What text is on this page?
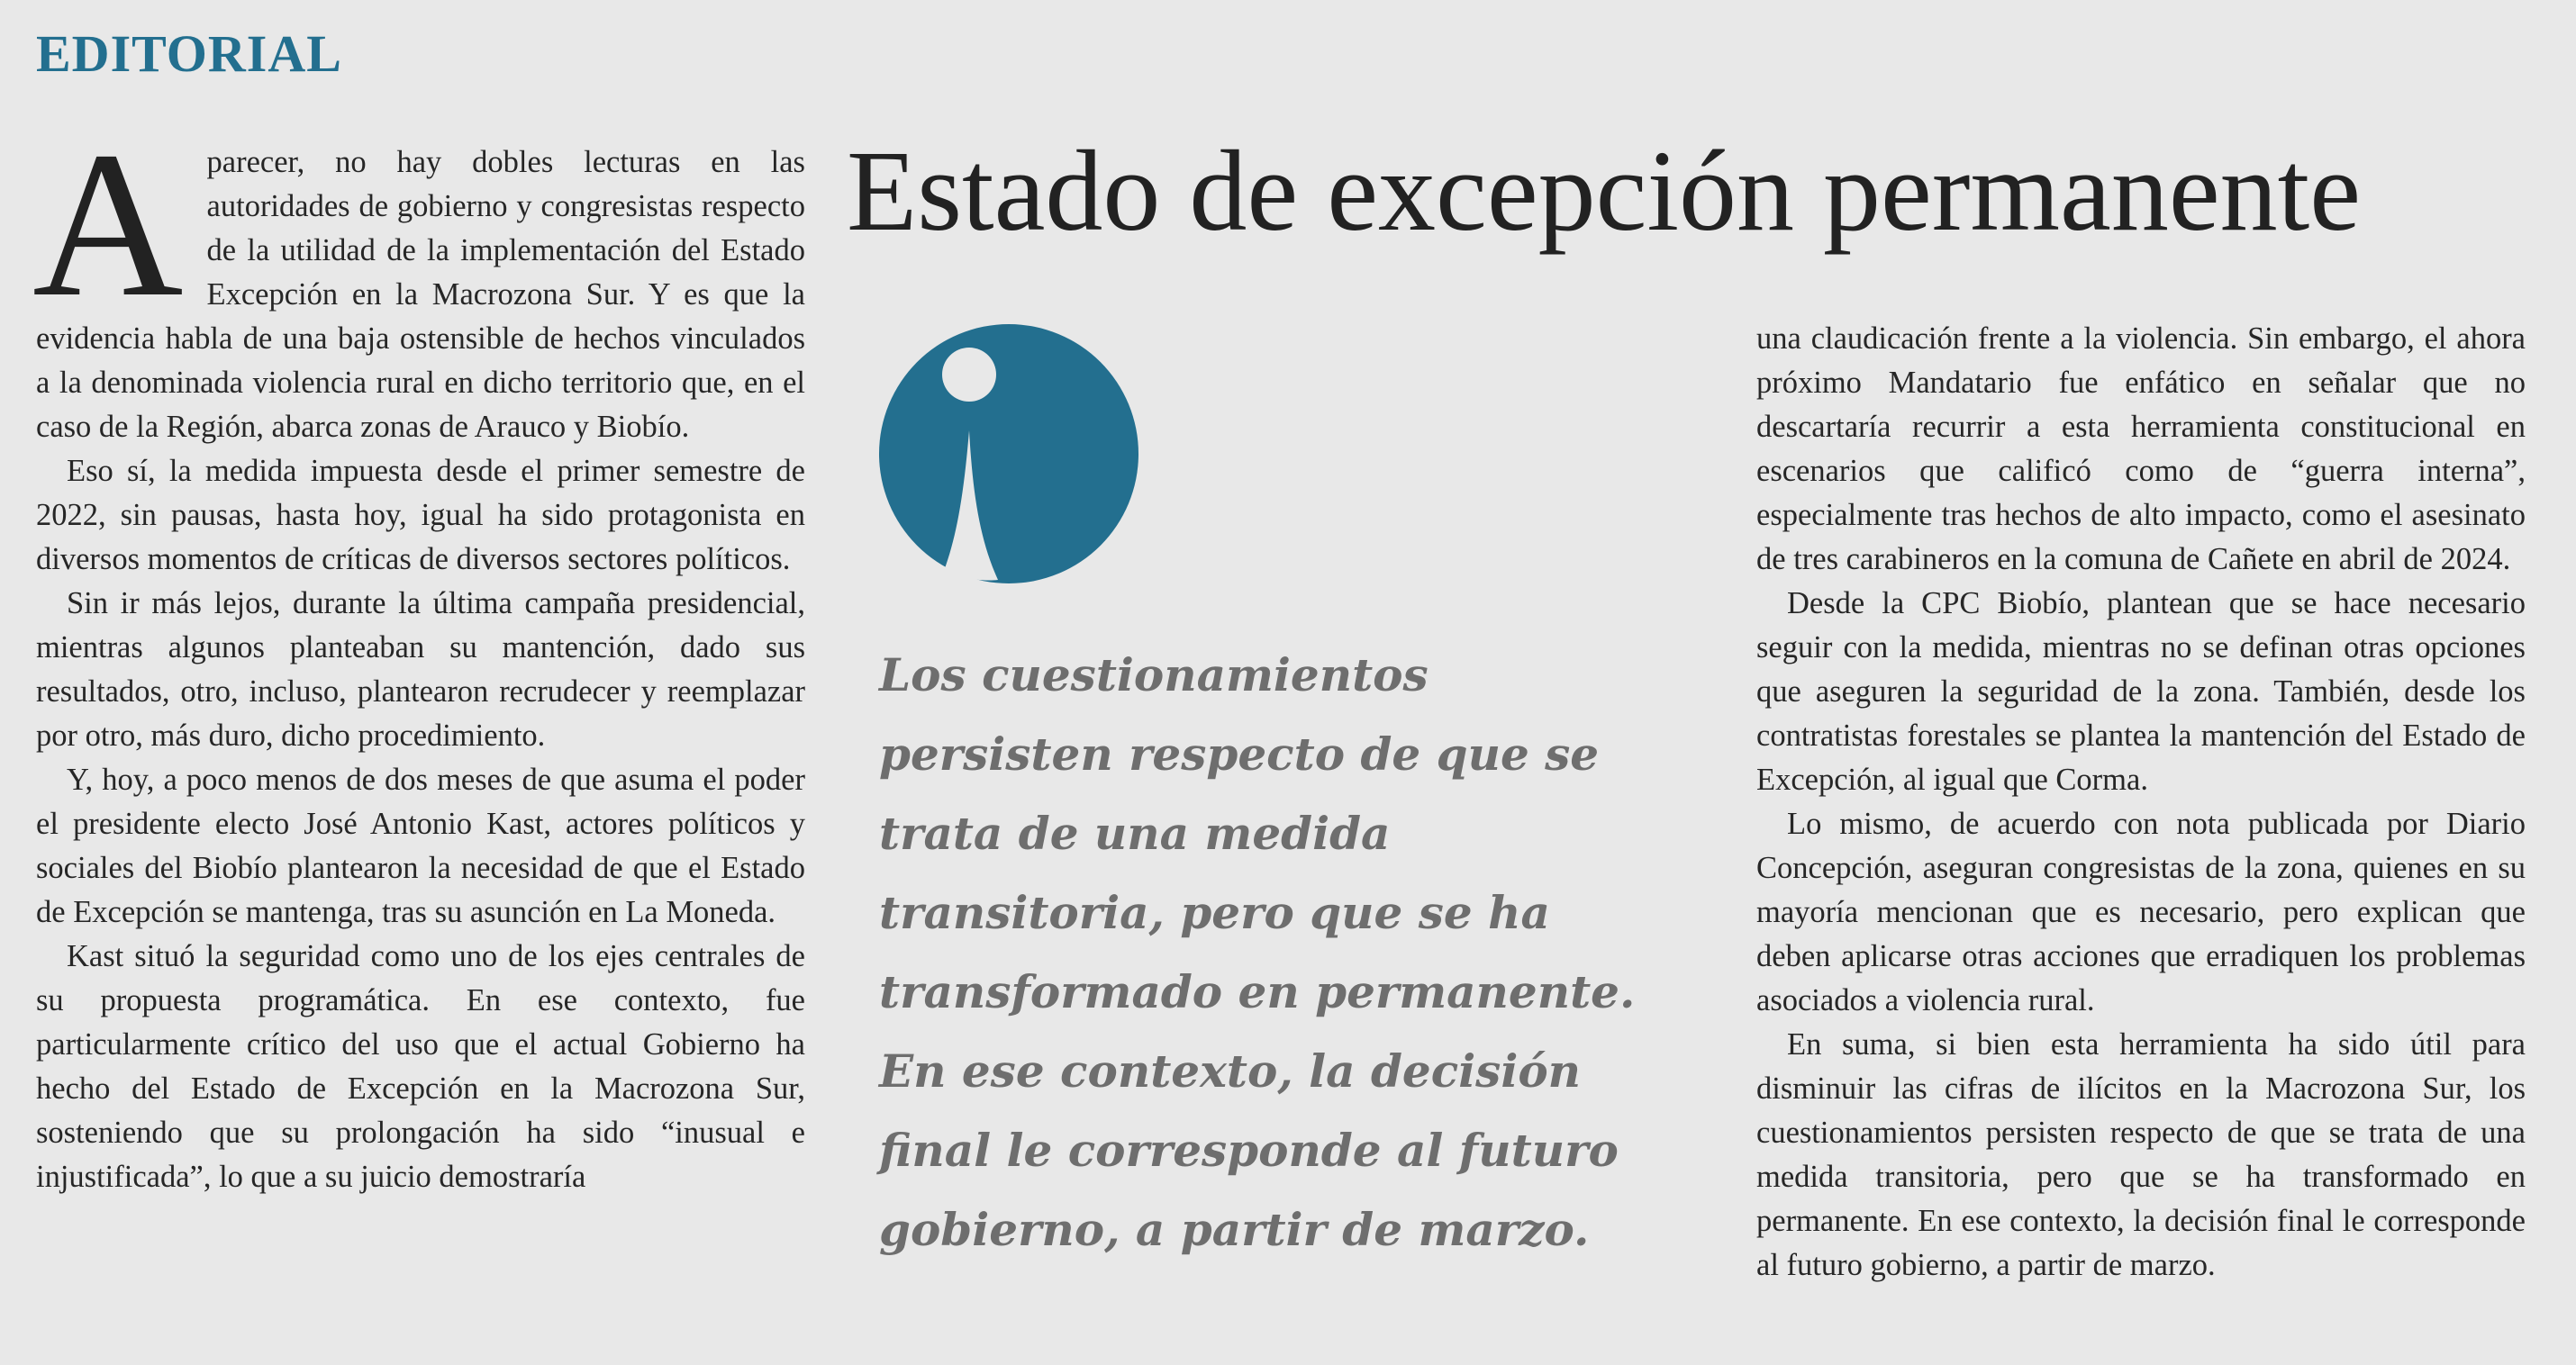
EDITORIAL
Estado de excepción permanente

Aparecer, no hay dobles lecturas en las autoridades de gobierno y congresistas respecto de la utilidad de la implementación del Estado Excepción en la Macrozona Sur. Y es que la evidencia habla de una baja ostensible de hechos vinculados a la denominada violencia rural en dicho territorio que, en el caso de la Región, abarca zonas de Arauco y Biobío.

Eso sí, la medida impuesta desde el primer semestre de 2022, sin pausas, hasta hoy, igual ha sido protagonista en diversos momentos de críticas de diversos sectores políticos.

Sin ir más lejos, durante la última campaña presidencial, mientras algunos planteaban su mantención, dado sus resultados, otro, incluso, plantearon recrudecer y reemplazar por otro, más duro, dicho procedimiento.

Y, hoy, a poco menos de dos meses de que asuma el poder el presidente electo José Antonio Kast, actores políticos y sociales del Biobío plantearon la necesidad de que el Estado de Excepción se mantenga, tras su asunción en La Moneda.

Kast situó la seguridad como uno de los ejes centrales de su propuesta programática. En ese contexto, fue particularmente crítico del uso que el actual Gobierno ha hecho del Estado de Excepción en la Macrozona Sur, sosteniendo que su prolongación ha sido “inusual e injustificada”, lo que a su juicio demostraría

Los cuestionamientos persisten respecto de que se trata de una medida transitoria, pero que se ha transformado en permanente. En ese contexto, la decisión final le corresponde al futuro gobierno, a partir de marzo.

una claudicación frente a la violencia. Sin embargo, el ahora próximo Mandatario fue enfático en señalar que no descartaría recurrir a esta herramienta constitucional en escenarios que calificó como de “guerra interna”, especialmente tras hechos de alto impacto, como el asesinato de tres carabineros en la comuna de Cañete en abril de 2024.

Desde la CPC Biobío, plantean que se hace necesario seguir con la medida, mientras no se definan otras opciones que aseguren la seguridad de la zona. También, desde los contratistas forestales se plantea la mantención del Estado de Excepción, al igual que Corma.

Lo mismo, de acuerdo con nota publicada por Diario Concepción, aseguran congresistas de la zona, quienes en su mayoría mencionan que es necesario, pero explican que deben aplicarse otras acciones que erradiquen los problemas asociados a violencia rural.

En suma, si bien esta herramienta ha sido útil para disminuir las cifras de ilícitos en la Macrozona Sur, los cuestionamientos persisten respecto de que se trata de una medida transitoria, pero que se ha transformado en permanente. En ese contexto, la decisión final le corresponde al futuro gobierno, a partir de marzo.
